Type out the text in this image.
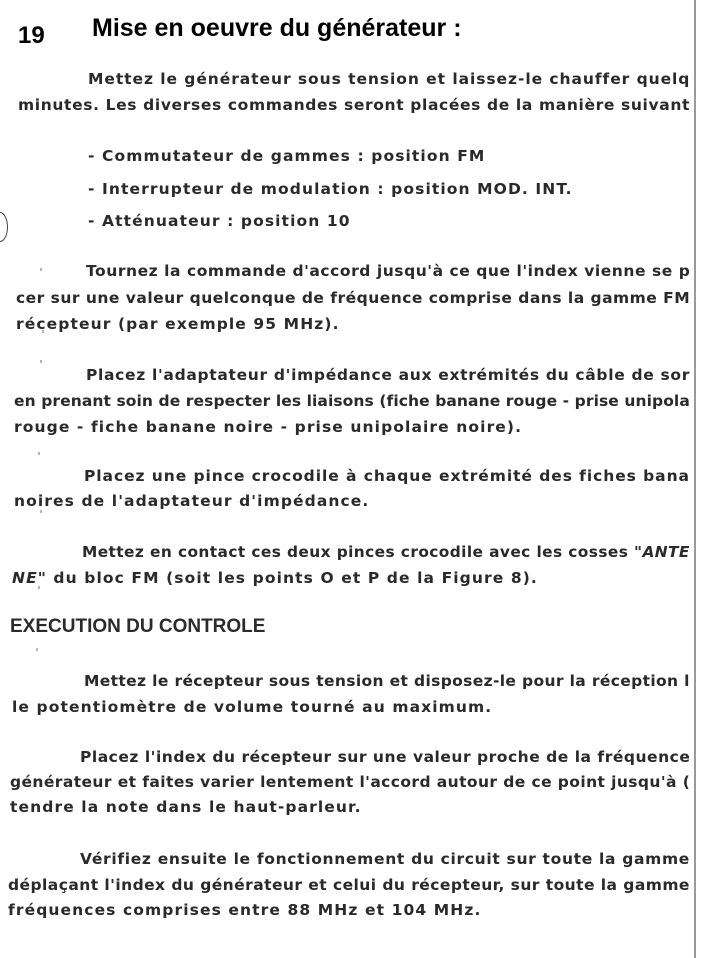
19 Mise en oeuvre du générateur :
Mettez le générateur sous tension et laissez-le chauffer quelq
minutes. Les diverses commandes seront placées de la manière suivant
- Commutateur de gammes : position FM
- Interrupteur de modulation : position MOD. INT.
- Atténuateur : position 10
Tournez la commande d'accord jusqu'à ce que l'index vienne se p
cer sur une valeur quelconque de fréquence comprise dans la gamme FM
récepteur (par exemple 95 MHz).
Placez l'adaptateur d'impédance aux extrémités du câble de sor
en prenant soin de respecter les liaisons (fiche banane rouge - prise unipola
rouge - fiche banane noire - prise unipolaire noire).
Placez une pince crocodile à chaque extrémité des fiches bana
noires de l'adaptateur d'impédance.
Mettez en contact ces deux pinces crocodile avec les cosses "ANTE
NE" du bloc FM (soit les points O et P de la Figure 8).
EXECUTION DU CONTROLE
Mettez le récepteur sous tension et disposez-le pour la réception l
le potentiomètre de volume tourné au maximum.
Placez l'index du récepteur sur une valeur proche de la fréquence
générateur et faites varier lentement l'accord autour de ce point jusqu'à (
tendre la note dans le haut-parleur.
Vérifiez ensuite le fonctionnement du circuit sur toute la gamme
déplaçant l'index du générateur et celui du récepteur, sur toute la gamme
fréquences comprises entre 88 MHz et 104 MHz.
